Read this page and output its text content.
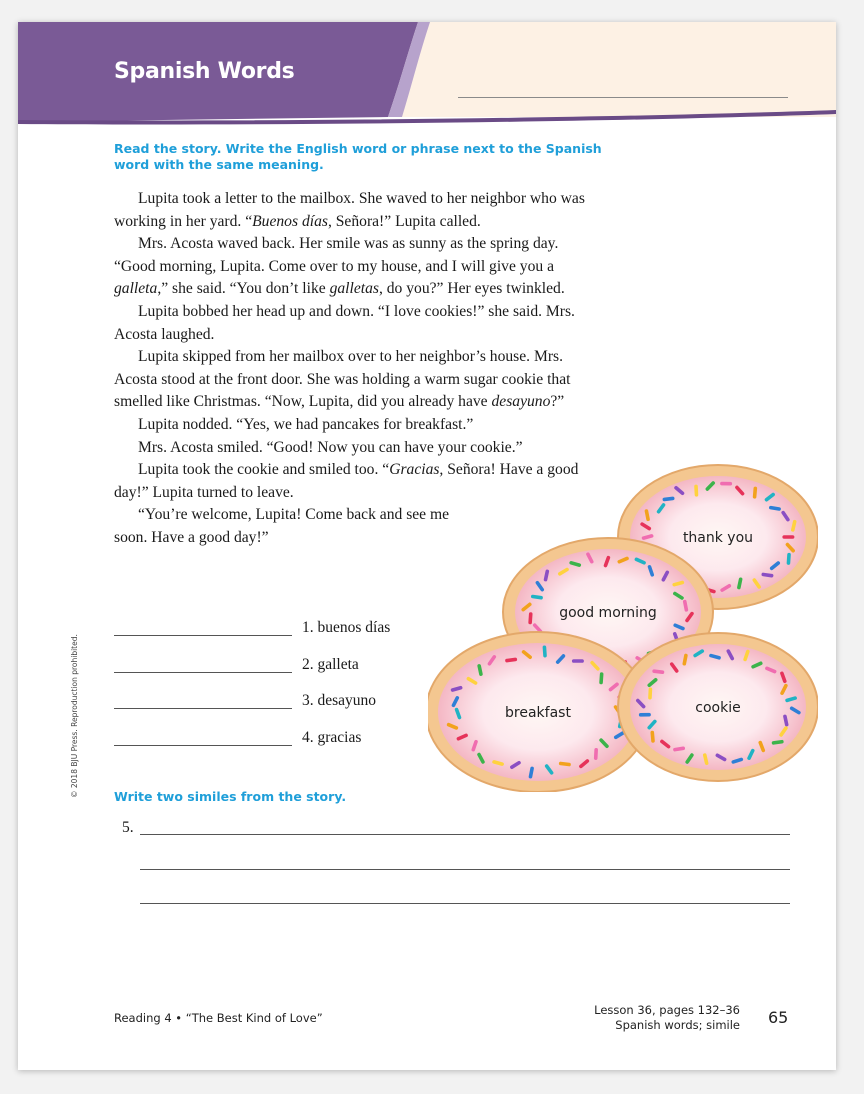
Spanish Words

Read the story. Write the English word or phrase next to the Spanish word with the same meaning.

Lupita took a letter to the mailbox. She waved to her neighbor who was working in her yard. “Buenos días, Señora!” Lupita called.

Mrs. Acosta waved back. Her smile was as sunny as the spring day. “Good morning, Lupita. Come over to my house, and I will give you a galleta,” she said. “You don’t like galletas, do you?” Her eyes twinkled.

Lupita bobbed her head up and down. “I love cookies!” she said. Mrs. Acosta laughed.

Lupita skipped from her mailbox over to her neighbor’s house. Mrs. Acosta stood at the front door. She was holding a warm sugar cookie that smelled like Christmas. “Now, Lupita, did you already have desayuno?”

Lupita nodded. “Yes, we had pancakes for breakfast.”

Mrs. Acosta smiled. “Good! Now you can have your cookie.”

Lupita took the cookie and smiled too. “Gracias, Señora! Have a good day!” Lupita turned to leave.

“You’re welcome, Lupita! Come back and see me soon. Have a good day!”

1. buenos días
2. galleta
3. desayuno
4. gracias
thank you
good morning
breakfast	cookie

Write two similes from the story.

5.
© 2018 BJU Press. Reproduction prohibited.
Reading 4 • “The Best Kind of Love”
Lesson 36, pages 132–36
Spanish words; simile 65
